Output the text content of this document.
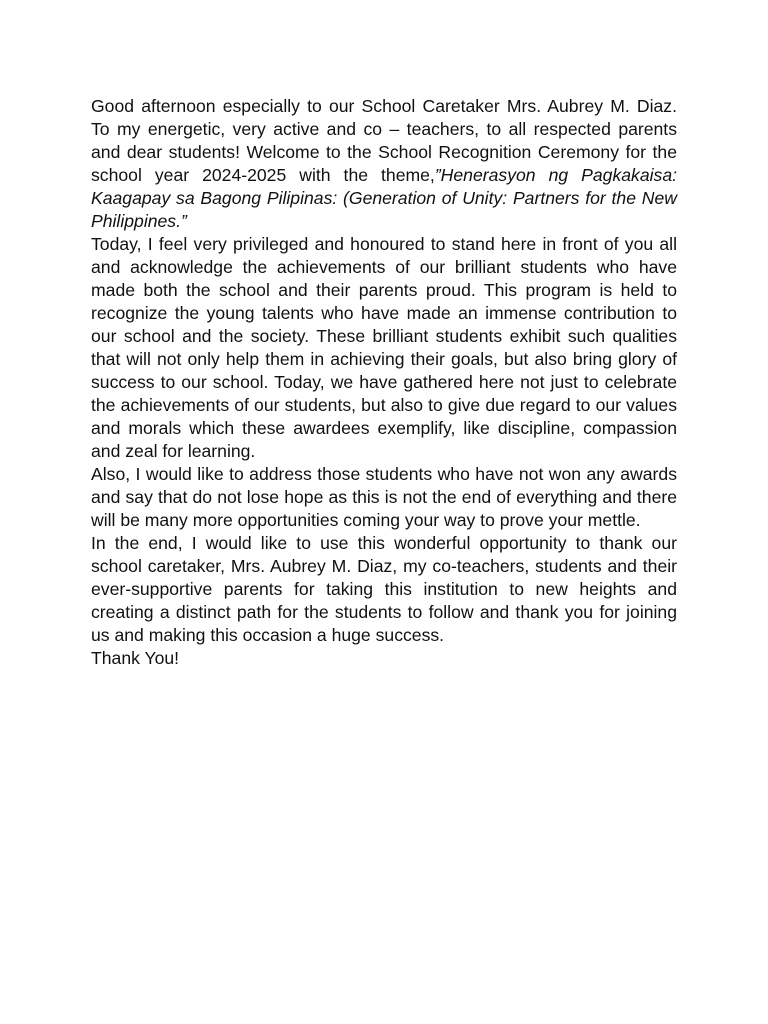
Good afternoon especially to our School Caretaker Mrs. Aubrey M. Diaz. To my energetic, very active and co – teachers, to all respected parents and dear students! Welcome to the School Recognition Ceremony for the school year 2024-2025 with the theme,”Henerasyon ng Pagkakaisa: Kaagapay sa Bagong Pilipinas: (Generation of Unity: Partners for the New Philippines.”

Today, I feel very privileged and honoured to stand here in front of you all and acknowledge the achievements of our brilliant students who have made both the school and their parents proud. This program is held to recognize the young talents who have made an immense contribution to our school and the society. These brilliant students exhibit such qualities that will not only help them in achieving their goals, but also bring glory of success to our school. Today, we have gathered here not just to celebrate the achievements of our students, but also to give due regard to our values and morals which these awardees exemplify, like discipline, compassion and zeal for learning.

Also, I would like to address those students who have not won any awards and say that do not lose hope as this is not the end of everything and there will be many more opportunities coming your way to prove your mettle.

In the end, I would like to use this wonderful opportunity to thank our school caretaker, Mrs. Aubrey M. Diaz, my co-teachers, students and their ever-supportive parents for taking this institution to new heights and creating a distinct path for the students to follow and thank you for joining us and making this occasion a huge success.

Thank You!
